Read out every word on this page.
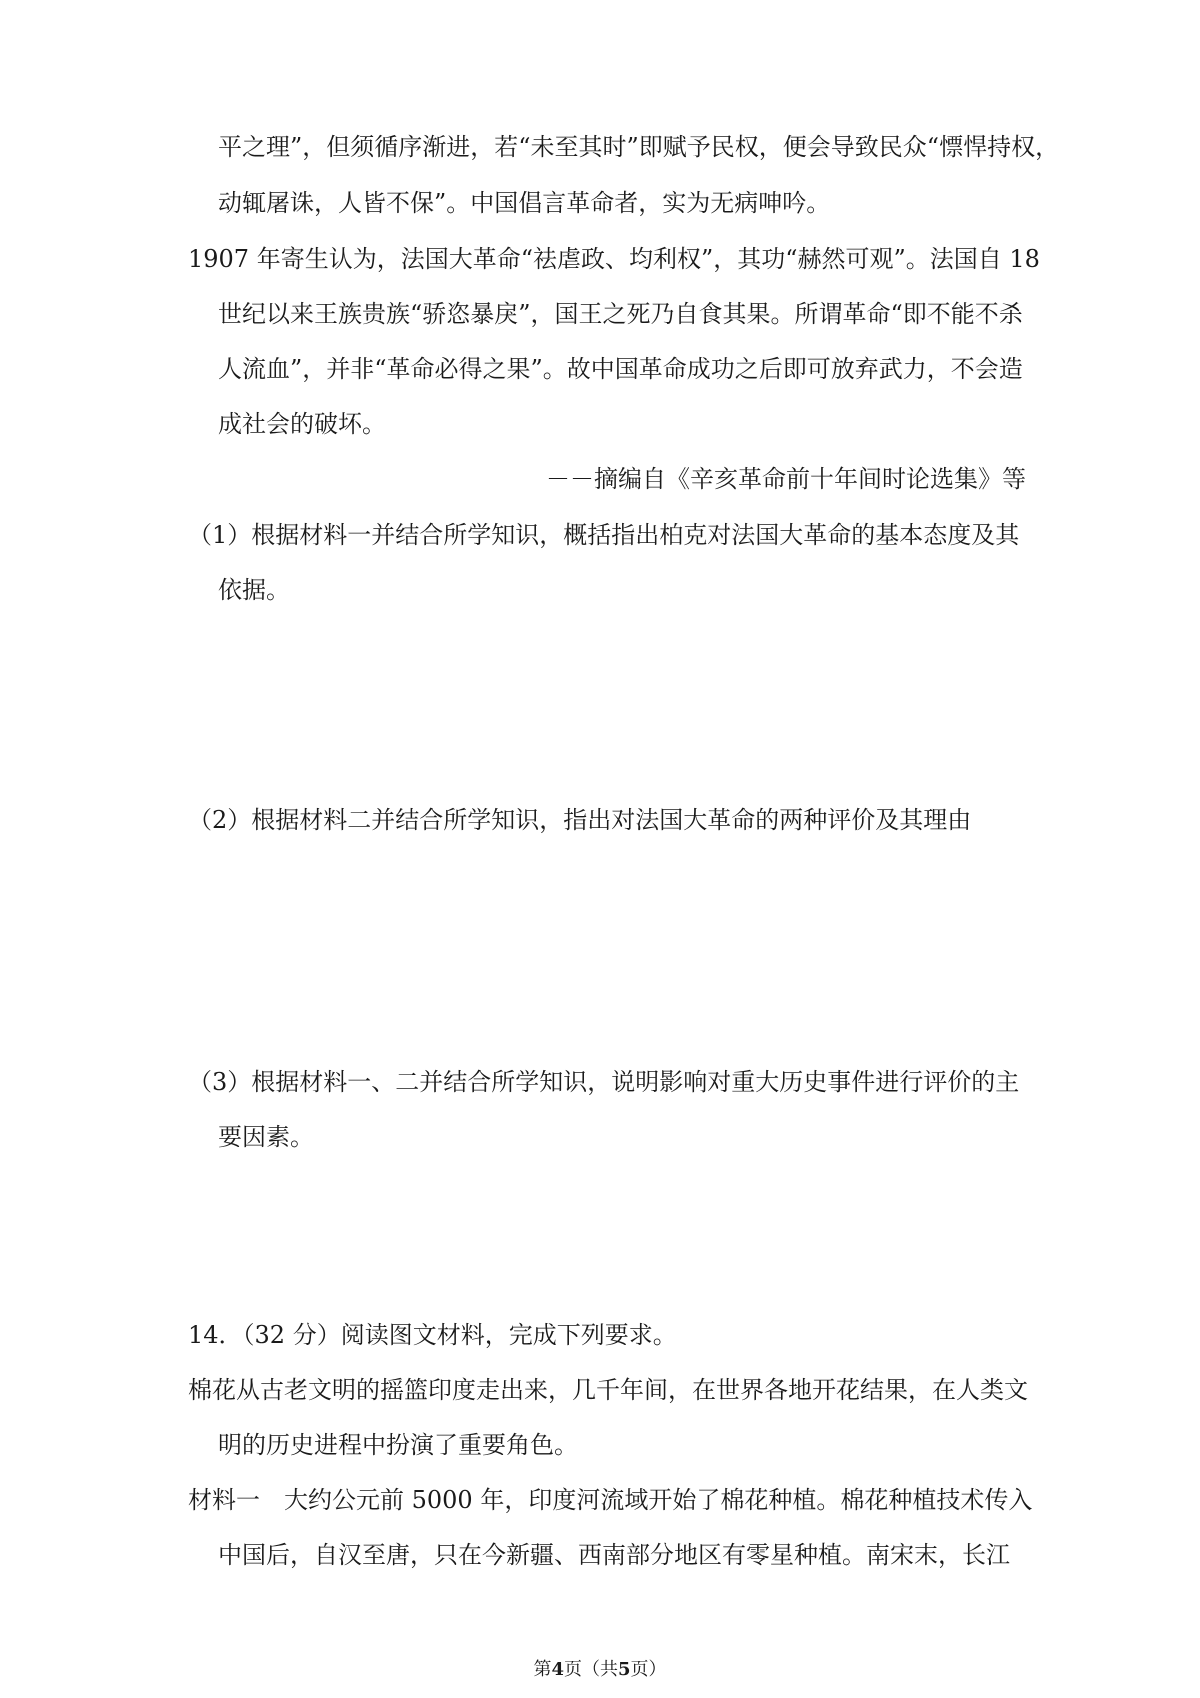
平之理”，但须循序渐进，若“未至其时”即赋予民权，便会导致民众“慓悍持权，
动辄屠诛，人皆不保”。中国倡言革命者，实为无病呻吟。
1907 年寄生认为，法国大革命“祛虐政、均利权”，其功“赫然可观”。法国自 18
世纪以来王族贵族“骄恣暴戾”，国王之死乃自食其果。所谓革命“即不能不杀
人流血”，并非“革命必得之果”。故中国革命成功之后即可放弃武力，不会造
成社会的破坏。
－－摘编自《辛亥革命前十年间时论选集》等
（1）根据材料一并结合所学知识，概括指出柏克对法国大革命的基本态度及其
依据。
（2）根据材料二并结合所学知识，指出对法国大革命的两种评价及其理由
（3）根据材料一、二并结合所学知识，说明影响对重大历史事件进行评价的主
要因素。
14．（32 分）阅读图文材料，完成下列要求。
棉花从古老文明的摇篮印度走出来，几千年间，在世界各地开花结果，在人类文
明的历史进程中扮演了重要角色。
材料一　大约公元前 5000 年，印度河流域开始了棉花种植。棉花种植技术传入
中国后，自汉至唐，只在今新疆、西南部分地区有零星种植。南宋末，长江
第4页（共5页）
